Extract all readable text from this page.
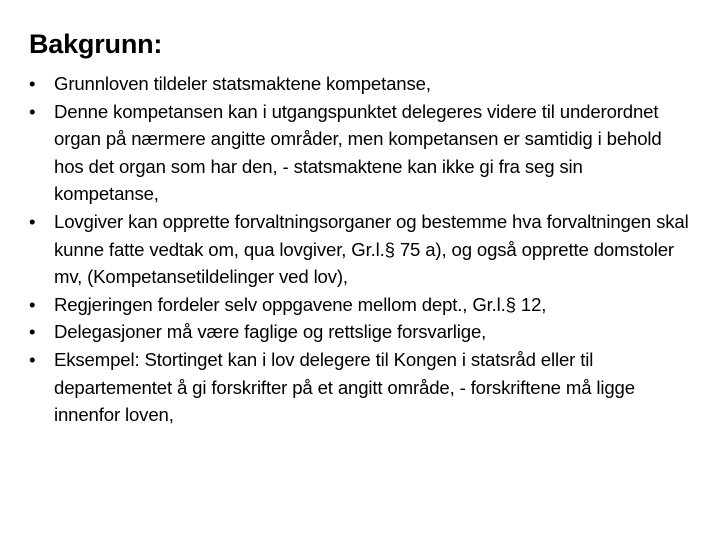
Bakgrunn:
•	Grunnloven tildeler statsmaktene kompetanse,
•	Denne kompetansen kan i utgangspunktet delegeres videre til underordnet organ på nærmere angitte områder, men kompetansen er samtidig i behold hos det organ som har den, - statsmaktene kan ikke gi fra seg sin kompetanse,
•	Lovgiver kan opprette forvaltningsorganer og bestemme hva forvaltningen skal kunne fatte vedtak om, qua lovgiver, Gr.l.§ 75 a), og også opprette domstoler mv, (Kompetansetildelinger ved lov),
•	Regjeringen fordeler selv oppgavene mellom dept., Gr.l.§ 12,
•	Delegasjoner må være faglige og rettslige forsvarlige,
•	Eksempel: Stortinget kan i lov delegere til Kongen i statsråd eller til departementet å gi forskrifter på et angitt område, - forskriftene må ligge innenfor loven,
